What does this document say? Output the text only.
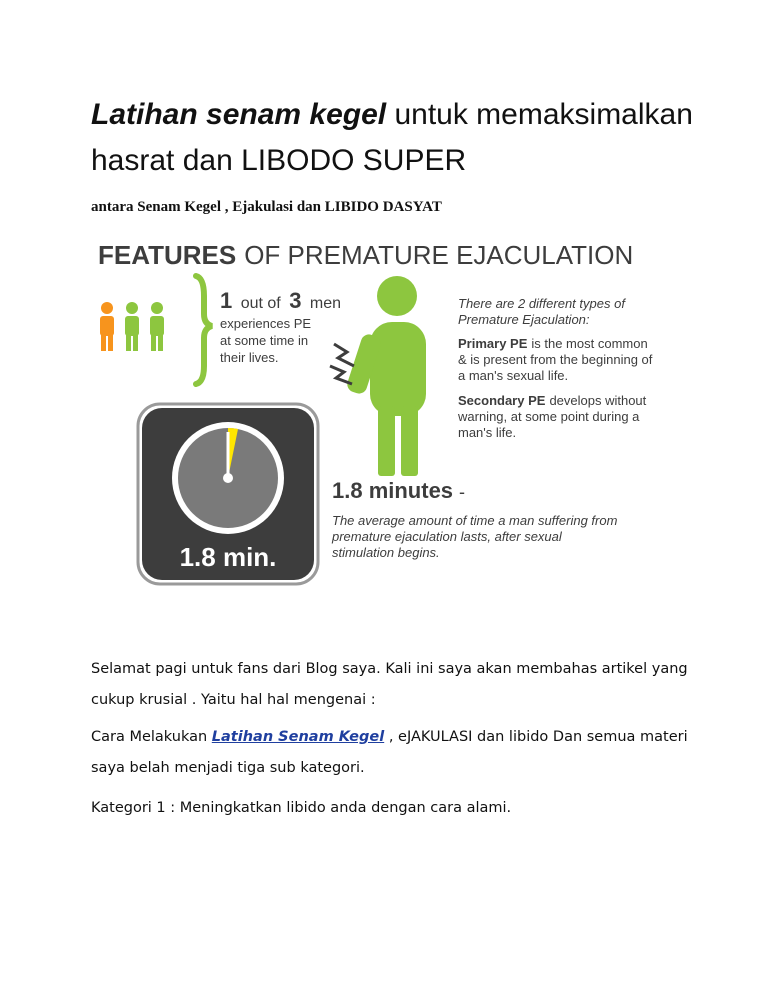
Latihan senam kegel untuk memaksimalkan hasrat dan LIBODO SUPER

antara Senam Kegel , Ejakulasi dan LIBIDO DASYAT

FEATURES OF PREMATURE EJACULATION
1 out of 3 men
experiences PE
at some time in
their lives.
There are 2 different types of Premature Ejaculation:
Primary PE is the most common & is present from the beginning of a man's sexual life.
Secondary PE develops without warning, at some point during a man's life.
1.8 min.
1.8 minutes -
The average amount of time a man suffering from premature ejaculation lasts, after sexual stimulation begins.

Selamat pagi untuk fans dari Blog saya. Kali ini saya akan membahas artikel yang cukup krusial . Yaitu hal hal mengenai :

Cara Melakukan Latihan Senam Kegel , eJAKULASI dan libido Dan semua materi saya belah menjadi tiga sub kategori.

Kategori 1 : Meningkatkan libido anda dengan cara alami.
